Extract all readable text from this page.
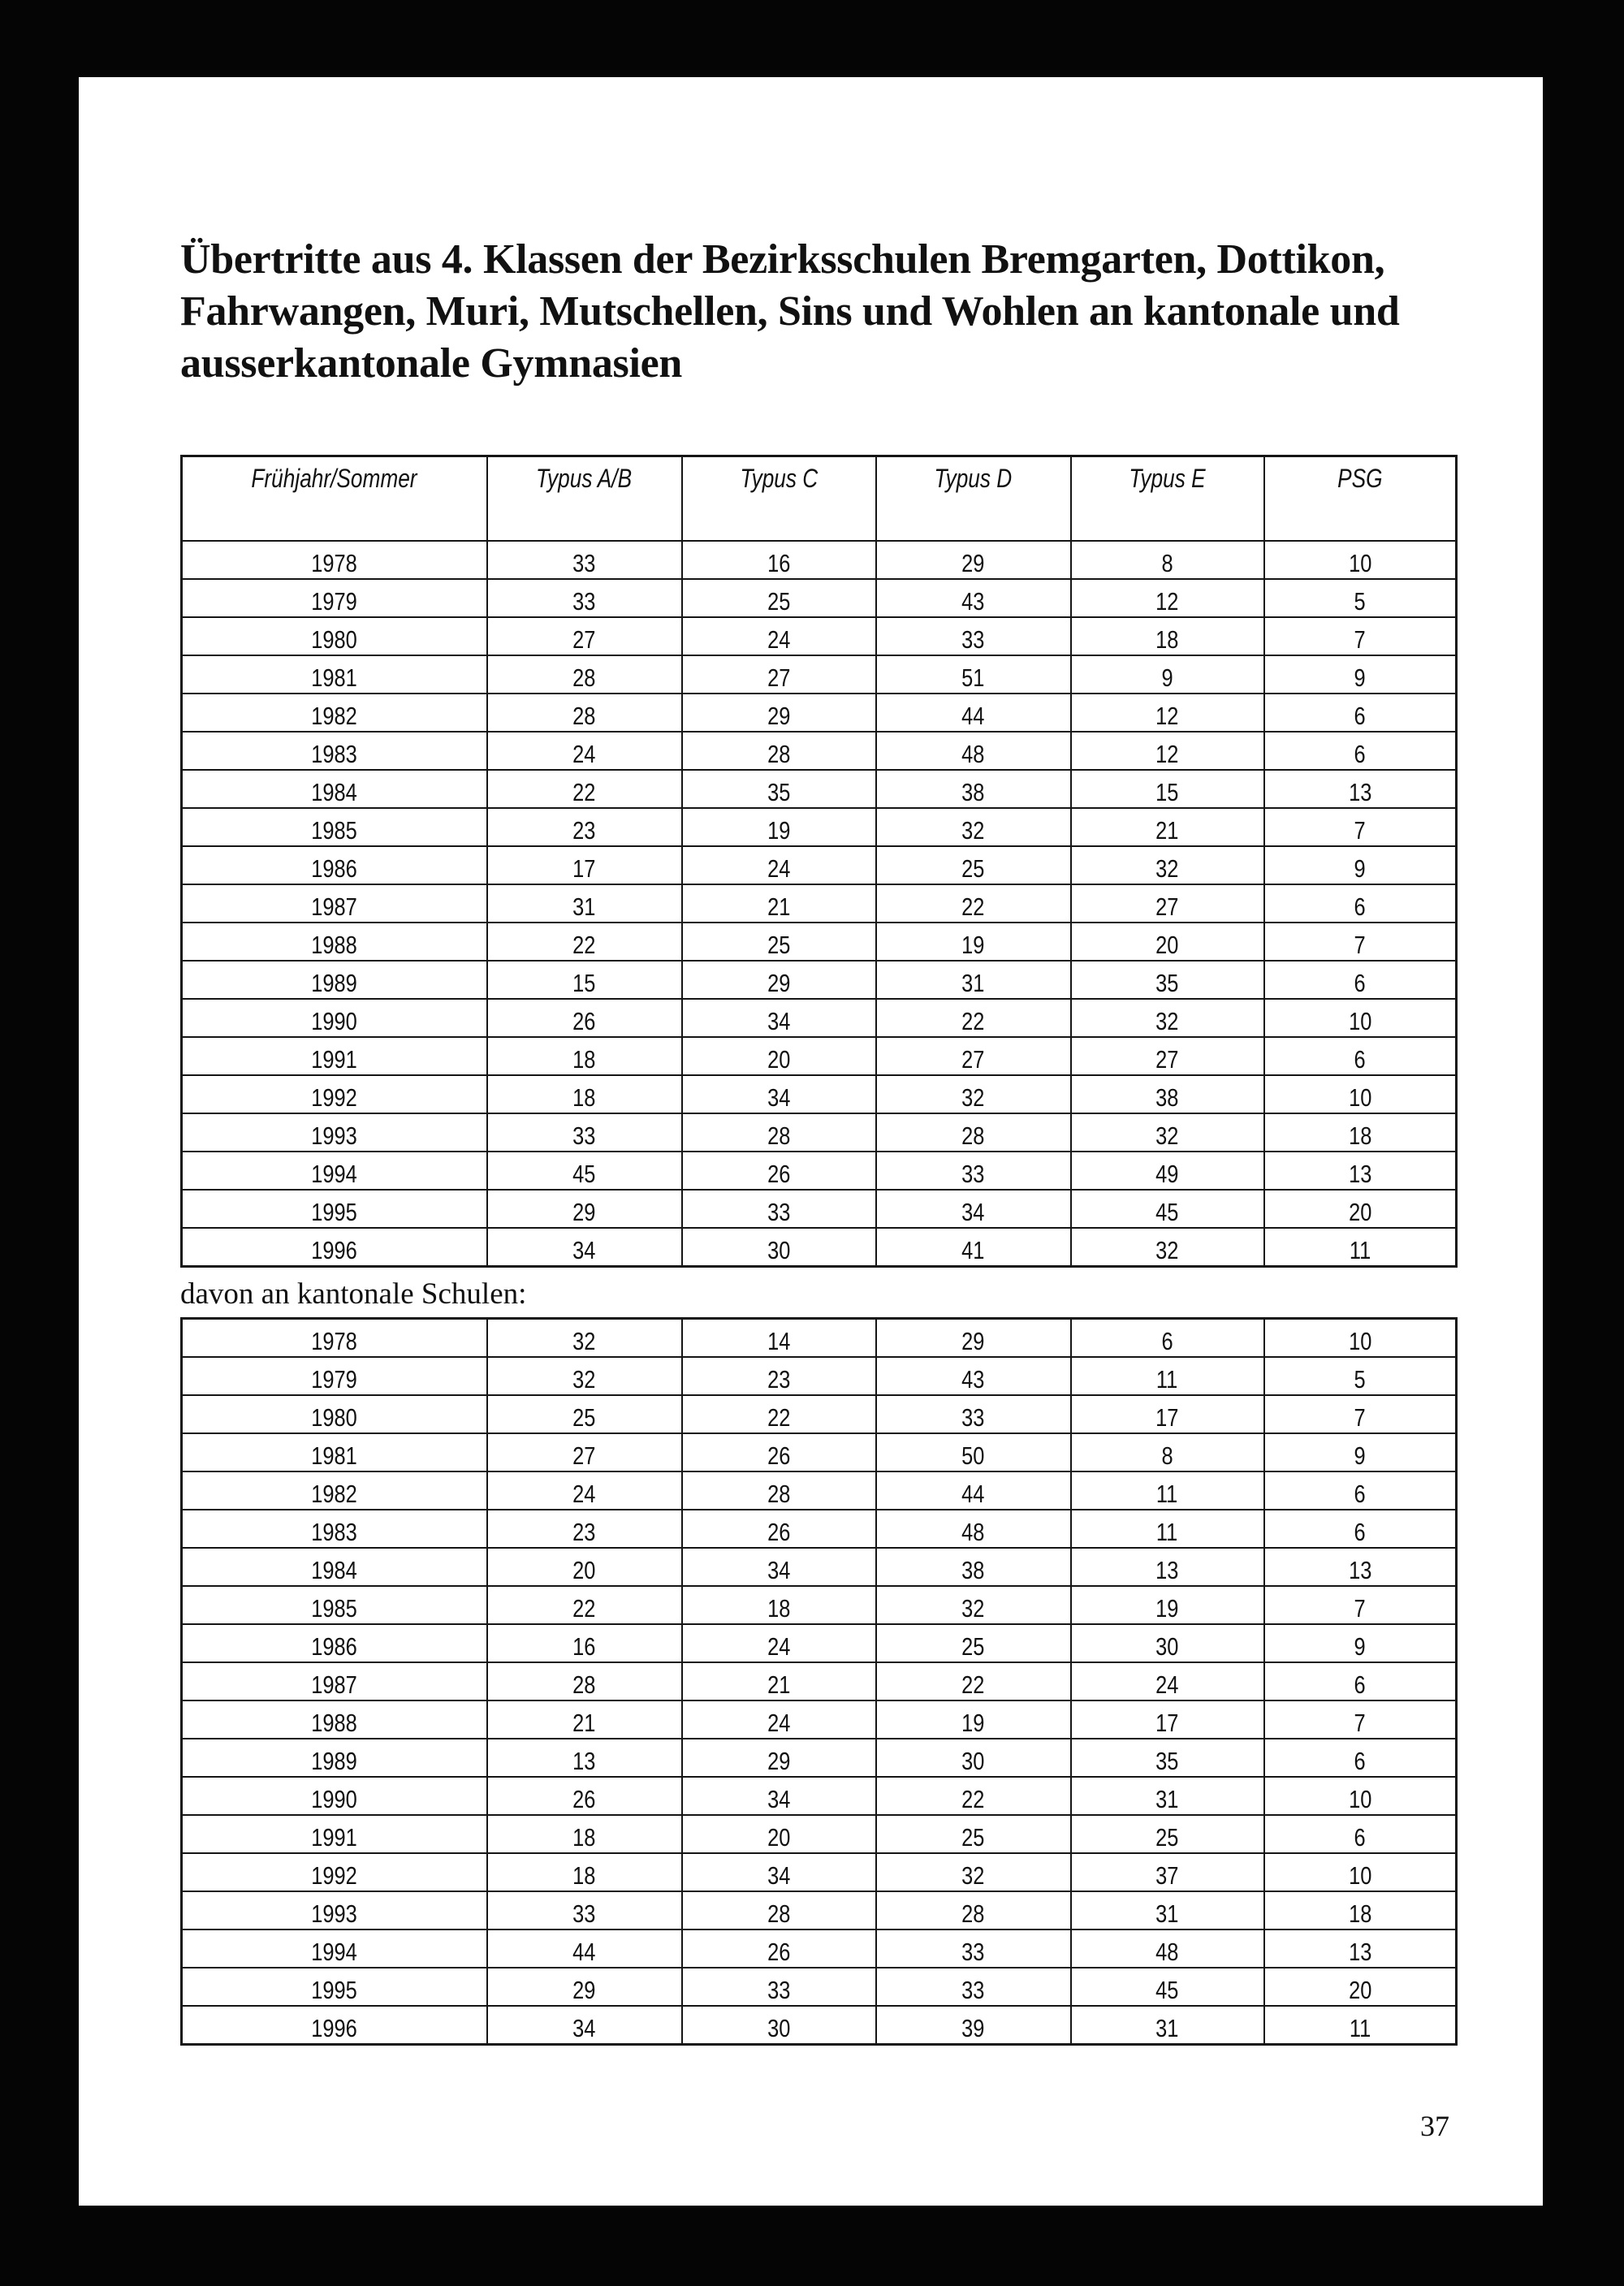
Übertritte aus 4. Klassen der Bezirksschulen Bremgarten, Dottikon, Fahrwangen, Muri, Mutschellen, Sins und Wohlen an kantonale und ausserkantonale Gymnasien
Frühjahr/Sommer	Typus A/B	Typus C	Typus D	Typus E	PSG
1978	33	16	29	8	10
1979	33	25	43	12	5
1980	27	24	33	18	7
1981	28	27	51	9	9
1982	28	29	44	12	6
1983	24	28	48	12	6
1984	22	35	38	15	13
1985	23	19	32	21	7
1986	17	24	25	32	9
1987	31	21	22	27	6
1988	22	25	19	20	7
1989	15	29	31	35	6
1990	26	34	22	32	10
1991	18	20	27	27	6
1992	18	34	32	38	10
1993	33	28	28	32	18
1994	45	26	33	49	13
1995	29	33	34	45	20
1996	34	30	41	32	11

davon an kantonale Schulen:

1978	32	14	29	6	10
1979	32	23	43	11	5
1980	25	22	33	17	7
1981	27	26	50	8	9
1982	24	28	44	11	6
1983	23	26	48	11	6
1984	20	34	38	13	13
1985	22	18	32	19	7
1986	16	24	25	30	9
1987	28	21	22	24	6
1988	21	24	19	17	7
1989	13	29	30	35	6
1990	26	34	22	31	10
1991	18	20	25	25	6
1992	18	34	32	37	10
1993	33	28	28	31	18
1994	44	26	33	48	13
1995	29	33	33	45	20
1996	34	30	39	31	11
37
